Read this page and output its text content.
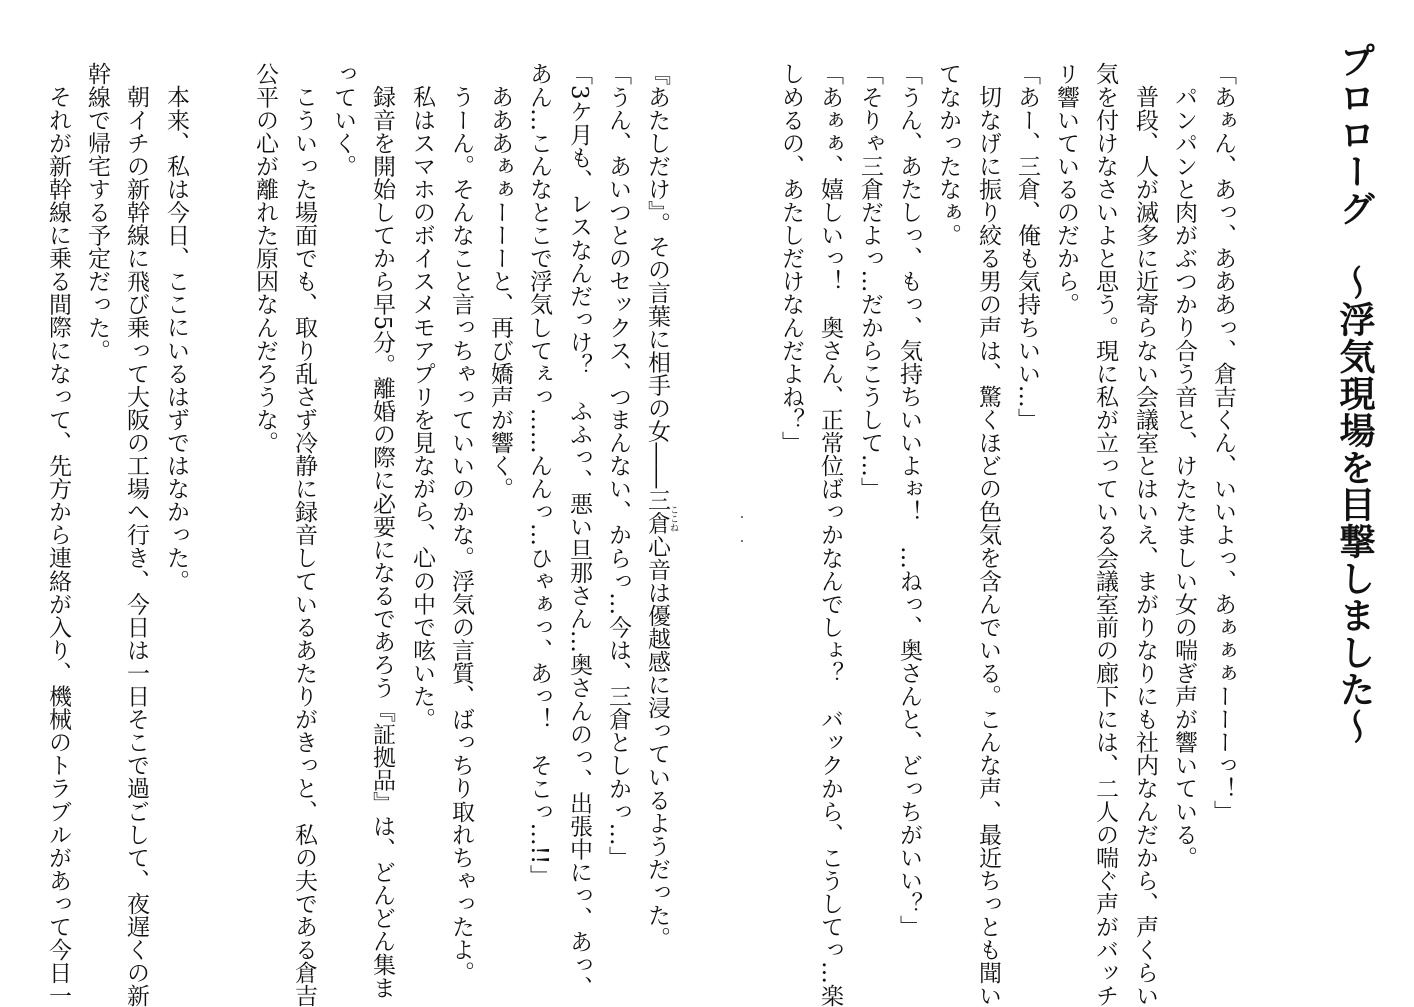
プロローグ　～浮気現場を目撃しました～
「あぁん、あっ、あああっ、倉吉くん、いいよっ、あぁぁぁーーーっ！」
パンパンと肉がぶつかり合う音と、けたたましい女の喘ぎ声が響いている。
普段、人が滅多に近寄らない会議室とはいえ、まがりなりにも社内なんだから、声くらい
気を付けなさいよと思う。現に私が立っている会議室前の廊下には、二人の喘ぐ声がバッチ
リ響いているのだから。
「あー、三倉、俺も気持ちいい…」
切なげに振り絞る男の声は、驚くほどの色気を含んでいる。こんな声、最近ちっとも聞い
てなかったなぁ。
「うん、あたしっ、もっ、気持ちいいよぉ！　…ねっ、奥さんと、どっちがいい？」
「そりゃ三倉だよっ…だからこうして…」
「あぁぁ、嬉しいっ！　奥さん、正常位ばっかなんでしょ？　バックから、こうしてっ…楽
しめるの、あたしだけなんだよね？」
『あたしだけ』。その言葉に相手の女――三倉心音は優越感に浸っているようだった。
ここね
「うん、あいつとのセックス、つまんない、からっ…今は、三倉としかっ…」
「3ケ月も、レスなんだっけ？　ふふっ、悪い旦那さん…奥さんのっ、出張中にっ、あっ、
あん…こんなとこで浮気してぇっ……んんっ…ひゃぁっ、あっ！　そこっ…!!」
あああぁぁーーーと、再び嬌声が響く。
うーん。そんなこと言っちゃっていいのかな。浮気の言質、ばっちり取れちゃったよ。
私はスマホのボイスメモアプリを見ながら、心の中で呟いた。
録音を開始してから早5分。離婚の際に必要になるであろう『証拠品』は、どんどん集ま
っていく。
こういった場面でも、取り乱さず冷静に録音しているあたりがきっと、私の夫である倉吉
公平の心が離れた原因なんだろうな。
本来、私は今日、ここにいるはずではなかった。
朝イチの新幹線に飛び乗って大阪の工場へ行き、今日は一日そこで過ごして、夜遅くの新
幹線で帰宅する予定だった。
それが新幹線に乗る間際になって、先方から連絡が入り、機械のトラブルがあって今日一
